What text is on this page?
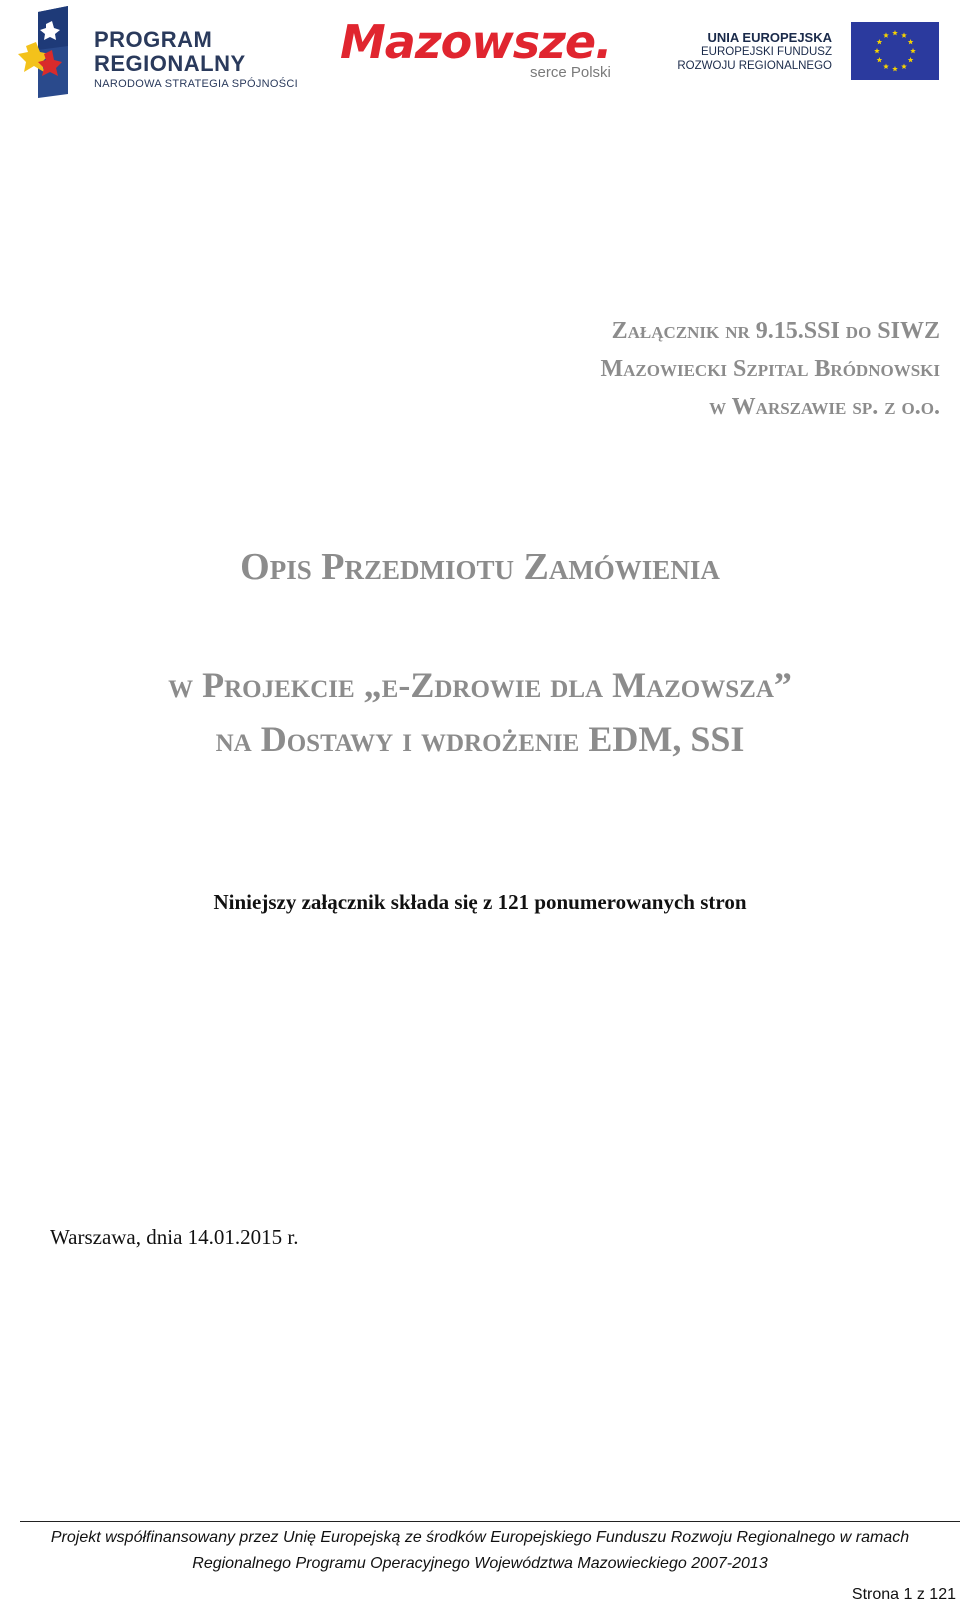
PROGRAM
REGIONALNY
NARODOWA STRATEGIA SPÓJNOŚCI
Mazowsze.
serce Polski
UNIA EUROPEJSKA
EUROPEJSKI FUNDUSZ
ROZWOJU REGIONALNEGO
Załącznik nr 9.15.SSI do SIWZ
Mazowiecki Szpital Bródnowski
w Warszawie sp. z o.o.
Opis Przedmiotu Zamówienia
w Projekcie „e-Zdrowie dla Mazowsza”
na Dostawy i wdrożenie EDM, SSI
Niniejszy załącznik składa się z 121 ponumerowanych stron
Warszawa, dnia 14.01.2015 r.
Projekt współfinansowany przez Unię Europejską ze środków Europejskiego Funduszu Rozwoju Regionalnego w ramach
Regionalnego Programu Operacyjnego Województwa Mazowieckiego 2007-2013
Strona 1 z 121
